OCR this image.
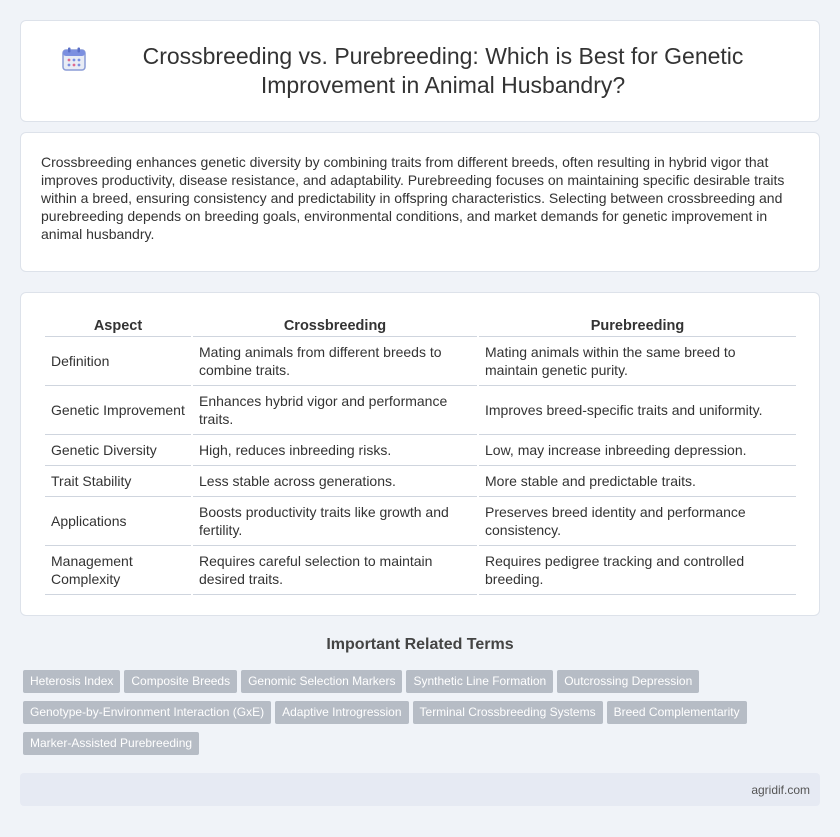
Crossbreeding vs. Purebreeding: Which is Best for Genetic Improvement in Animal Husbandry?

Crossbreeding enhances genetic diversity by combining traits from different breeds, often resulting in hybrid vigor that improves productivity, disease resistance, and adaptability. Purebreeding focuses on maintaining specific desirable traits within a breed, ensuring consistency and predictability in offspring characteristics. Selecting between crossbreeding and purebreeding depends on breeding goals, environmental conditions, and market demands for genetic improvement in animal husbandry.

Aspect	Crossbreeding	Purebreeding
Definition	Mating animals from different breeds to combine traits.	Mating animals within the same breed to maintain genetic purity.
Genetic Improvement	Enhances hybrid vigor and performance traits.	Improves breed-specific traits and uniformity.
Genetic Diversity	High, reduces inbreeding risks.	Low, may increase inbreeding depression.
Trait Stability	Less stable across generations.	More stable and predictable traits.
Applications	Boosts productivity traits like growth and fertility.	Preserves breed identity and performance consistency.
Management Complexity	Requires careful selection to maintain desired traits.	Requires pedigree tracking and controlled breeding.
Important Related Terms
Heterosis Index Composite Breeds Genomic Selection Markers Synthetic Line Formation Outcrossing Depression
Genotype-by-Environment Interaction (GxE) Adaptive Introgression Terminal Crossbreeding Systems Breed Complementarity
Marker-Assisted Purebreeding
agridif.com
